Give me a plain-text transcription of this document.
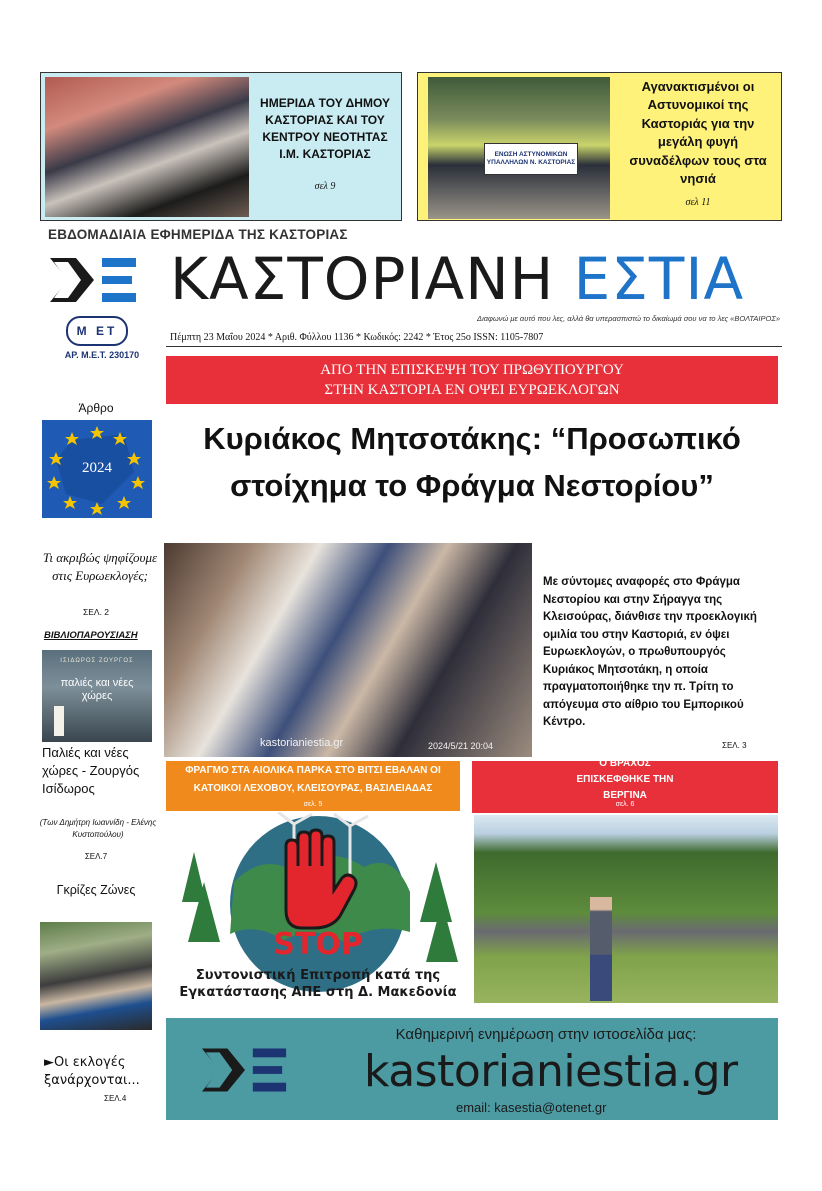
ΗΜΕΡΙΔΑ ΤΟΥ ΔΗΜΟΥ ΚΑΣΤΟΡΙΑΣ ΚΑΙ ΤΟΥ ΚΕΝΤΡΟΥ ΝΕΟΤΗΤΑΣ Ι.Μ. ΚΑΣΤΟΡΙΑΣ
σελ 9
ΕΝΩΣΗ ΑΣΤΥΝΟΜΙΚΩΝ ΥΠΑΛΛΗΛΩΝ Ν. ΚΑΣΤΟΡΙΑΣ
Αγανακτισμένοι οι Αστυνομικοί της Καστοριάς για την μεγάλη φυγή συναδέλφων τους στα νησιά
σελ 11
ΕΒΔΟΜΑΔΙΑΙΑ ΕΦΗΜΕΡΙΔΑ ΤΗΣ ΚΑΣΤΟΡΙΑΣ
ΚΑΣΤΟΡΙΑΝΗ ΕΣΤΙΑ
Διαφωνώ με αυτό που λες, αλλά θα υπερασπιστώ το δικαίωμά σου να το λες «ΒΟΛΤΑΙΡΟΣ»
Μ ΕΤ
ΑΡ. Μ.Ε.Τ. 230170
Πέμπτη 23 Μαΐου 2024 * Αριθ. Φύλλου 1136 * Κωδικός: 2242 * Έτος 25ο ISSN: 1105-7807
ΑΠΟ ΤΗΝ ΕΠΙΣΚΕΨΗ ΤΟΥ ΠΡΩΘΥΠΟΥΡΓΟΥ ΣΤΗΝ ΚΑΣΤΟΡΙΑ ΕΝ ΟΨΕΙ ΕΥΡΩΕΚΛΟΓΩΝ
Κυριάκος Μητσοτάκης: “Προσωπικό στοίχημα το Φράγμα Νεστορίου”
Άρθρο
2024
Τι ακριβώς ψηφίζουμε στις Ευρωεκλογές;
ΣΕΛ. 2
ΒΙΒΛΙΟΠΑΡΟΥΣΙΑΣΗ
ΙΣΙΔΩΡΟΣ ΖΟΥΡΓΟΣ
παλιές και νέες χώρες
Παλιές και νέες χώρες - Ζουργός Ισίδωρος
(Των Δημήτρη Ιωαννίδη - Ελένης Κυστοπούλου)
ΣΕΛ.7
Γκρίζες Ζώνες
►Οι εκλογές ξανάρχονται...
ΣΕΛ.4
kastorianiestia.gr	2024/5/21 20:04
Με σύντομες αναφορές στο Φράγμα Νεστορίου και στην Σήραγγα της Κλεισούρας, διάνθισε την προεκλογική ομιλία του στην Καστοριά, εν όψει Ευρωεκλογών, ο πρωθυπουργός Κυριάκος Μητσοτάκη, η οποία πραγματοποιήθηκε την π. Τρίτη το απόγευμα στο αίθριο του Εμπορικού Κέντρο.
ΣΕΛ. 3
ΦΡΑΓΜΟ ΣΤΑ ΑΙΟΛΙΚΑ ΠΑΡΚΑ ΣΤΟ ΒΙΤΣΙ ΕΒΑΛΑΝ ΟΙ ΚΑΤΟΙΚΟΙ ΛΕΧΟΒΟΥ, ΚΛΕΙΣΟΥΡΑΣ, ΒΑΣΙΛΕΙΑΔΑΣ
σελ. 5
STOP
Συντονιστική Επιτροπή κατά της Εγκατάστασης ΑΠΕ στη Δ. Μακεδονία
Ο ΒΡΑΧΟΣ ΕΠΙΣΚΕΦΘΗΚΕ ΤΗΝ ΒΕΡΓΙΝΑ
σελ. 6
Καθημερινή ενημέρωση στην ιστοσελίδα μας:
kastorianiestia.gr
email: kasestia@otenet.gr
